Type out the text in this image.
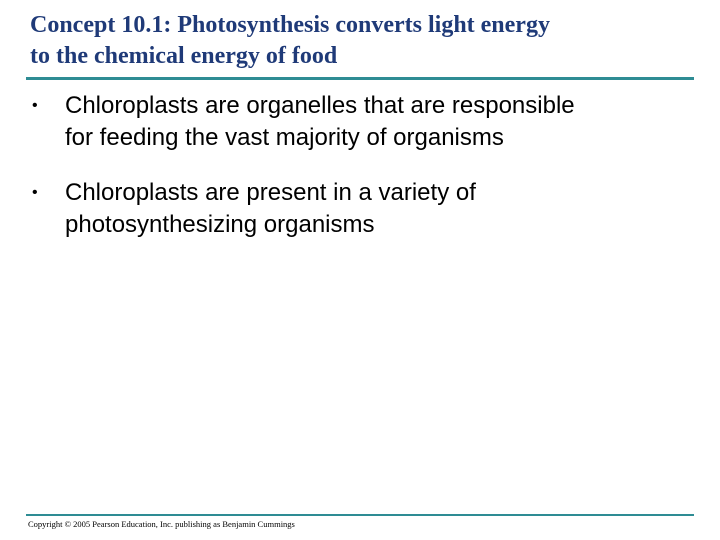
Concept 10.1: Photosynthesis converts light energy
to the chemical energy of food
• Chloroplasts are organelles that are responsible
for feeding the vast majority of organisms
• Chloroplasts are present in a variety of
photosynthesizing organisms

Copyright © 2005 Pearson Education, Inc. publishing as Benjamin Cummings
